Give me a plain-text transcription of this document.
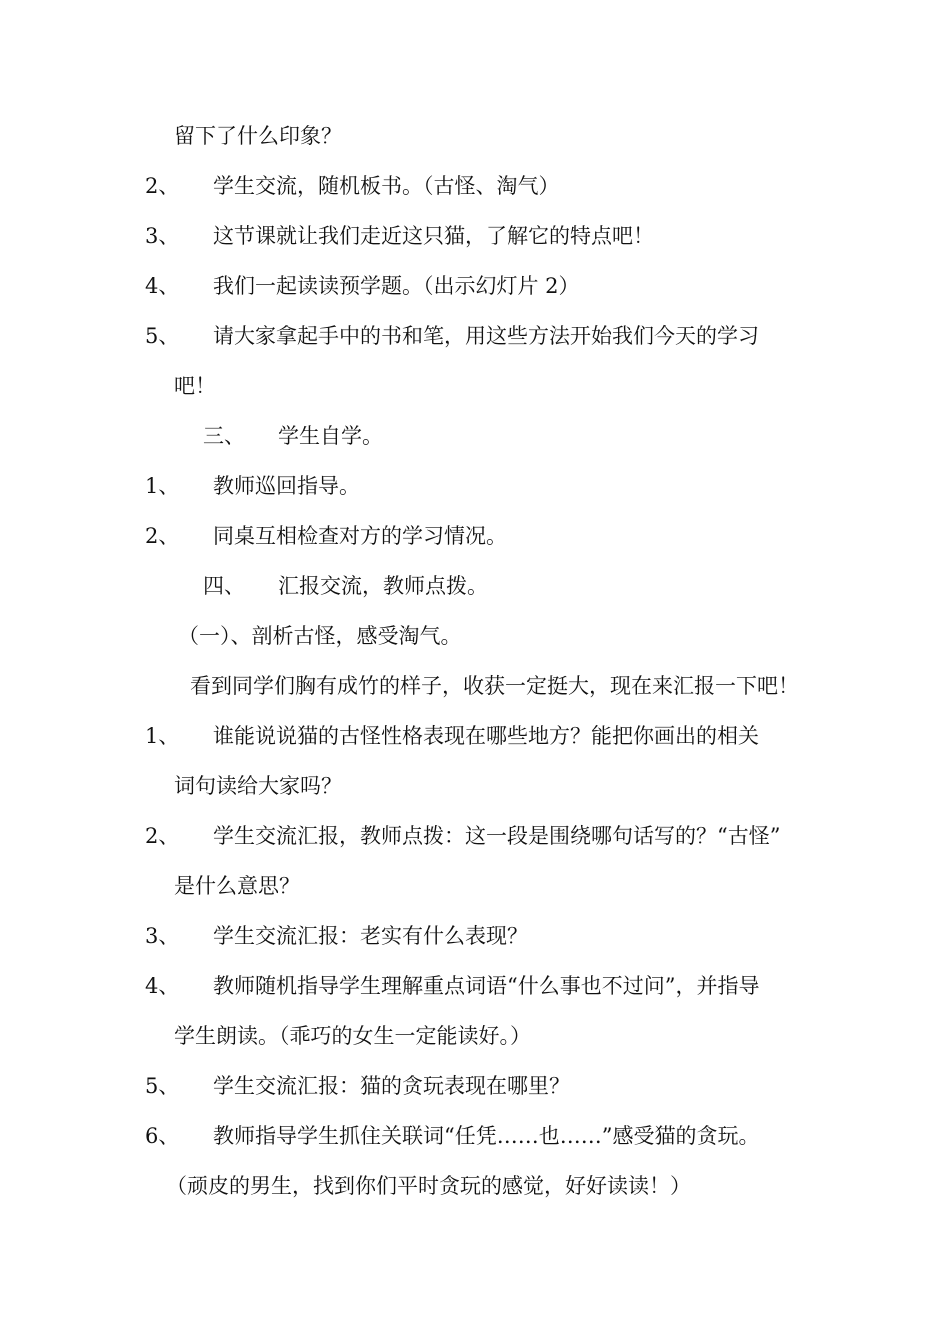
留下了什么印象？
2、 学生交流，随机板书。（古怪、淘气）
3、 这节课就让我们走近这只猫，了解它的特点吧！
4、 我们一起读读预学题。（出示幻灯片 2）
5、 请大家拿起手中的书和笔，用这些方法开始我们今天的学习
吧！
三、 学生自学。
1、 教师巡回指导。
2、 同桌互相检查对方的学习情况。
四、 汇报交流，教师点拨。
（一）、剖析古怪，感受淘气。
看到同学们胸有成竹的样子，收获一定挺大，现在来汇报一下吧！
1、 谁能说说猫的古怪性格表现在哪些地方？能把你画出的相关
词句读给大家吗？
2、 学生交流汇报，教师点拨：这一段是围绕哪句话写的？“古怪”
是什么意思？
3、 学生交流汇报：老实有什么表现？
4、 教师随机指导学生理解重点词语“什么事也不过问”，并指导
学生朗读。（乖巧的女生一定能读好。）
5、 学生交流汇报：猫的贪玩表现在哪里？
6、 教师指导学生抓住关联词“任凭……也……”感受猫的贪玩。
（顽皮的男生，找到你们平时贪玩的感觉，好好读读！）
